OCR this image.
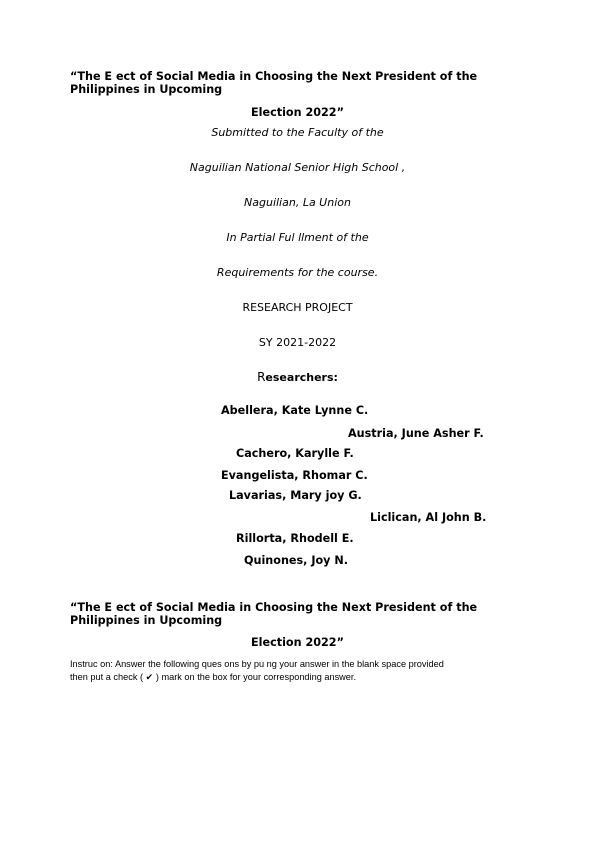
“The E ect of Social Media in Choosing the Next President of the
Philippines in Upcoming
Election 2022”
Submitted to the Faculty of the
Naguilian National Senior High School ,
Naguilian, La Union
In Partial Ful llment of the
Requirements for the course.
RESEARCH PROJECT
SY 2021-2022
Researchers:
Abellera, Kate Lynne C.
Austria, June Asher F.
Cachero, Karylle F.
Evangelista, Rhomar C.
Lavarias, Mary joy G.
Liclican, Al John B.
Rillorta, Rhodell E.
Quinones, Joy N.
“The E ect of Social Media in Choosing the Next President of the
Philippines in Upcoming
Election 2022”
Instruc on: Answer the following ques ons by pu ng your answer in the blank space provided
then put a check ( ✔ ) mark on the box for your corresponding answer.
